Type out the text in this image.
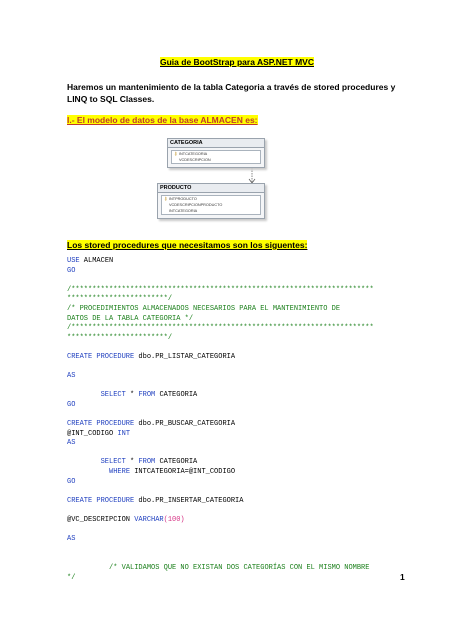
Guia de BootStrap para ASP.NET MVC
Haremos un mantenimiento de la tabla Categoria a través de stored procedures y LINQ to SQL Classes.
I.- El modelo de datos de la base ALMACEN es:
CATEGORIA
⚷ INTCATEGORIA
VCDESCRIPCION
PRODUCTO
⚷ INTPRODUCTO
VCDESCRIPCIONPRODUCTO
INTCATEGORIA
Los stored procedures que necesitamos son los siguentes:
USE ALMACEN
GO

/************************************************************************
************************/
/* PROCEDIMIENTOS ALMACENADOS NECESARIOS PARA EL MANTENIMIENTO DE
DATOS DE LA TABLA CATEGORIA */
/************************************************************************
************************/

CREATE PROCEDURE dbo.PR_LISTAR_CATEGORIA

AS

SELECT * FROM CATEGORIA
GO

CREATE PROCEDURE dbo.PR_BUSCAR_CATEGORIA
@INT_CODIGO INT
AS

SELECT * FROM CATEGORIA
WHERE INTCATEGORIA=@INT_CODIGO
GO

CREATE PROCEDURE dbo.PR_INSERTAR_CATEGORIA

@VC_DESCRIPCION VARCHAR(100)

AS

/* VALIDAMOS QUE NO EXISTAN DOS CATEGORÍAS CON EL MISMO NOMBRE
*/	1
